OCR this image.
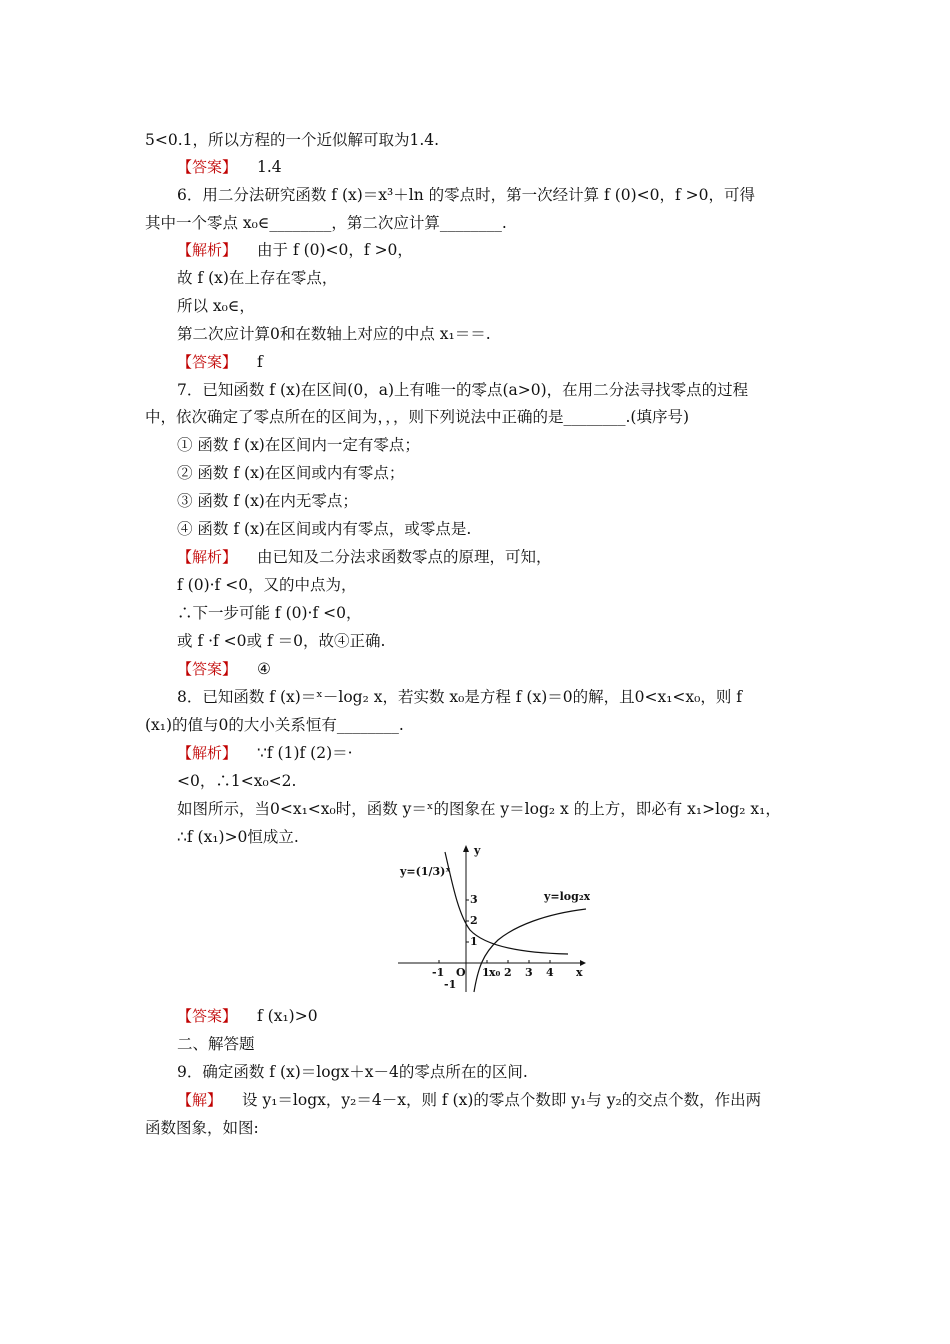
5<0.1，所以方程的一个近似解可取为1.4.
【答案】 1.4
6．用二分法研究函数 f (x)＝x³＋ln 的零点时，第一次经计算 f (0)<0，f >0，可得
其中一个零点 x₀∈________，第二次应计算________.
【解析】 由于 f (0)<0，f >0，
故 f (x)在上存在零点，
所以 x₀∈，
第二次应计算0和在数轴上对应的中点 x₁＝＝.
【答案】 f
7．已知函数 f (x)在区间(0，a)上有唯一的零点(a>0)，在用二分法寻找零点的过程
中，依次确定了零点所在的区间为，，，则下列说法中正确的是________.(填序号)
① 函数 f (x)在区间内一定有零点；
② 函数 f (x)在区间或内有零点；
③ 函数 f (x)在内无零点；
④ 函数 f (x)在区间或内有零点，或零点是.
【解析】 由已知及二分法求函数零点的原理，可知，
f (0)·f <0，又的中点为，
∴下一步可能 f (0)·f <0，
或 f ·f <0或 f ＝0，故④正确.
【答案】 ④
8．已知函数 f (x)＝ˣ－log₂ x，若实数 x₀是方程 f (x)＝0的解，且0<x₁<x₀，则 f
(x₁)的值与0的大小关系恒有________.
【解析】 ∵f (1)f (2)＝·
<0，∴1<x₀<2.
如图所示，当0<x₁<x₀时，函数 y＝ˣ的图象在 y＝log₂ x 的上方，即必有 x₁>log₂ x₁，
∴f (x₁)>0恒成立.
【答案】 f (x₁)>0
二、解答题
9．确定函数 f (x)＝logx＋x－4的零点所在的区间.
【解】 设 y₁＝logx，y₂＝4－x，则 f (x)的零点个数即 y₁与 y₂的交点个数，作出两
函数图象，如图:
y
x
y=(1/3)ˣ
y=log₂x
O x₀
-1	1 2 3 4
3
2
1
-1
